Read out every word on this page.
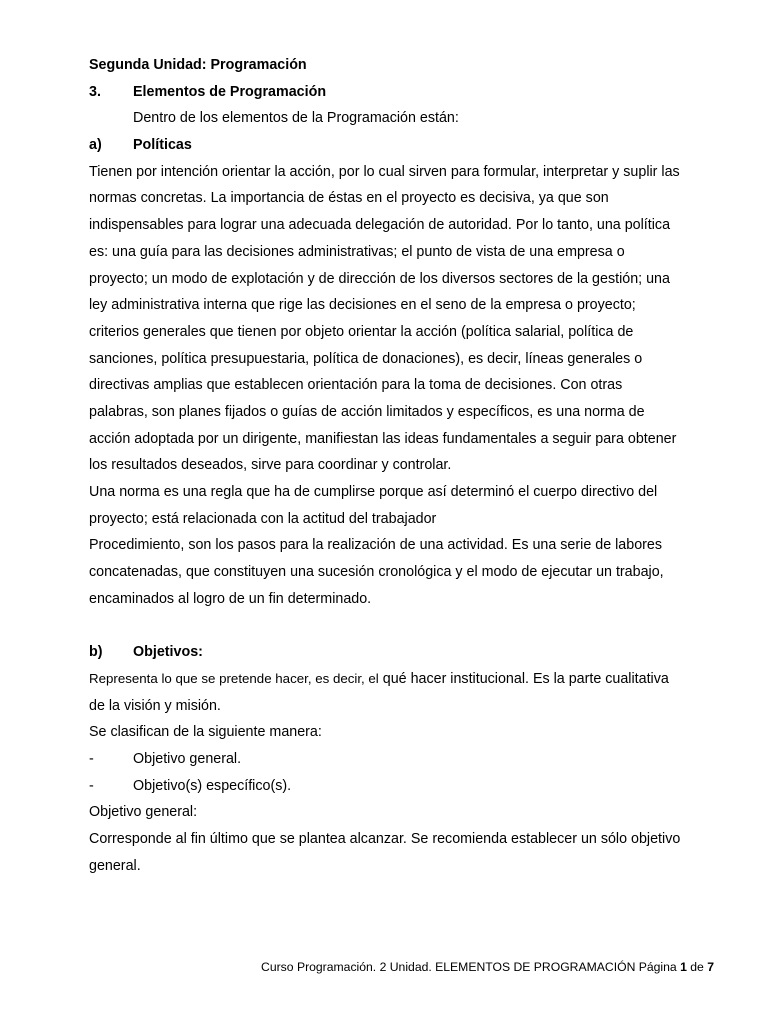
Segunda Unidad: Programación
3. Elementos de Programación
Dentro de los elementos de la Programación están:
a) Políticas
Tienen por intención orientar la acción, por lo cual sirven para formular, interpretar y suplir las
normas concretas. La importancia de éstas en el proyecto es decisiva, ya que son
indispensables para lograr una adecuada delegación de autoridad. Por lo tanto, una política
es: una guía para las decisiones administrativas; el punto de vista de una empresa o
proyecto; un modo de explotación y de dirección de los diversos sectores de la gestión; una
ley administrativa interna que rige las decisiones en el seno de la empresa o proyecto;
criterios generales que tienen por objeto orientar la acción (política salarial, política de
sanciones, política presupuestaria, política de donaciones), es decir, líneas generales o
directivas amplias que establecen orientación para la toma de decisiones. Con otras
palabras, son planes fijados o guías de acción limitados y específicos, es una norma de
acción adoptada por un dirigente, manifiestan las ideas fundamentales a seguir para obtener
los resultados deseados, sirve para coordinar y controlar.
Una norma es una regla que ha de cumplirse porque así determinó el cuerpo directivo del
proyecto; está relacionada con la actitud del trabajador
Procedimiento, son los pasos para la realización de una actividad. Es una serie de labores
concatenadas, que constituyen una sucesión cronológica y el modo de ejecutar un trabajo,
encaminados al logro de un fin determinado.
b) Objetivos:
Representa lo que se pretende hacer, es decir, el qué hacer institucional. Es la parte cualitativa
de la visión y misión.
Se clasifican de la siguiente manera:
-	Objetivo general.
-	Objetivo(s) específico(s).
Objetivo general:
Corresponde al fin último que se plantea alcanzar. Se recomienda establecer un sólo objetivo
general.
Curso Programación. 2 Unidad. ELEMENTOS DE PROGRAMACIÓN Página 1 de 7
